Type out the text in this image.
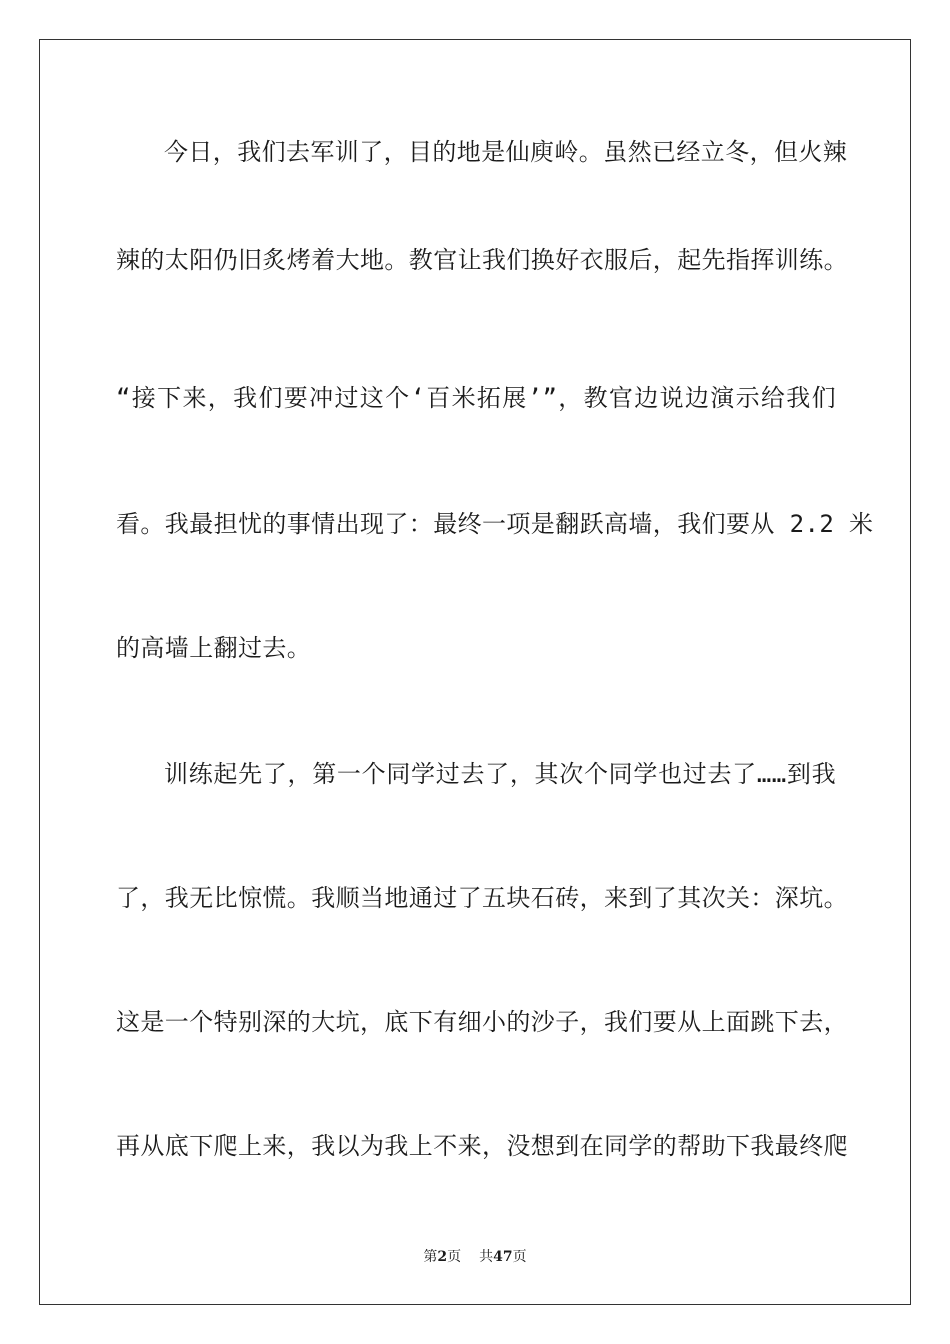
今日，我们去军训了，目的地是仙庾岭。虽然已经立冬，但火辣
辣的太阳仍旧炙烤着大地。教官让我们换好衣服后，起先指挥训练。
“接下来，我们要冲过这个‘百米拓展’”，教官边说边演示给我们
看。我最担忧的事情出现了：最终一项是翻跃高墙，我们要从 2.2 米
的高墙上翻过去。
训练起先了，第一个同学过去了，其次个同学也过去了……到我
了，我无比惊慌。我顺当地通过了五块石砖，来到了其次关：深坑。
这是一个特别深的大坑，底下有细小的沙子，我们要从上面跳下去，
再从底下爬上来，我以为我上不来，没想到在同学的帮助下我最终爬
第2页 共47页
